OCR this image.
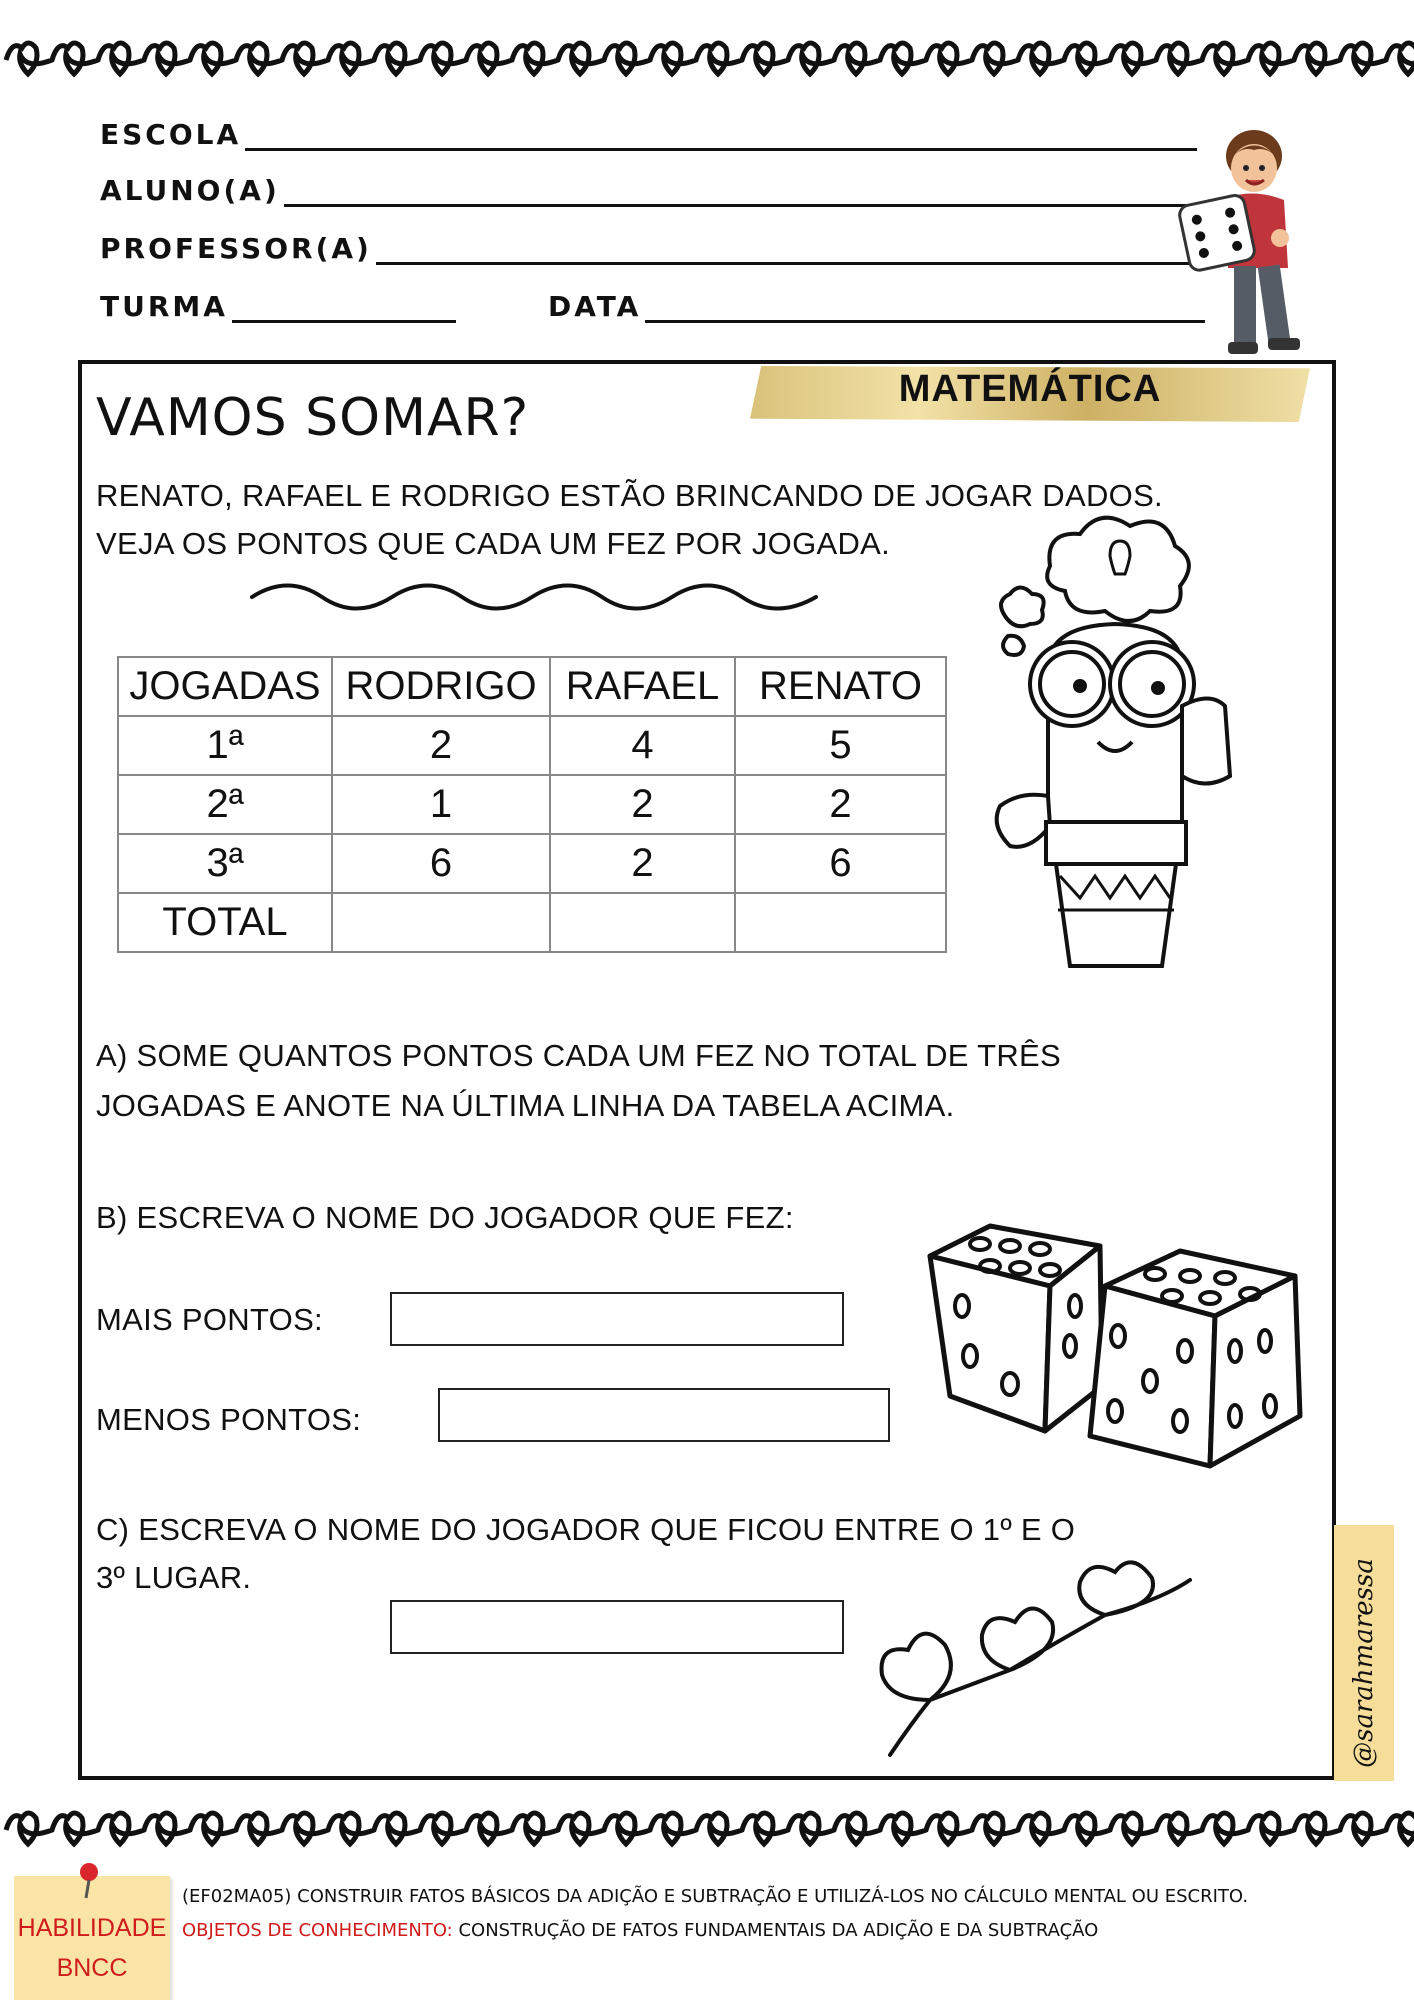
ESCOLA
ALUNO(A)
PROFESSOR(A)
TURMA	DATA
MATEMÁTICA
VAMOS SOMAR?
RENATO, RAFAEL E RODRIGO ESTÃO BRINCANDO DE JOGAR DADOS.
VEJA OS PONTOS QUE CADA UM FEZ POR JOGADA.
JOGADAS	RODRIGO	RAFAEL	RENATO
1ª	2	4	5
2ª	1	2	2
3ª	6	2	6
TOTAL			
A) SOME QUANTOS PONTOS CADA UM FEZ NO TOTAL DE TRÊS
JOGADAS E ANOTE NA ÚLTIMA LINHA DA TABELA ACIMA.
B) ESCREVA O NOME DO JOGADOR QUE FEZ:
MAIS PONTOS:
MENOS PONTOS:
C) ESCREVA O NOME DO JOGADOR QUE FICOU ENTRE O 1º E O
3º LUGAR.	@sarahmaressa
HABILIDADE
BNCC
(EF02MA05) CONSTRUIR FATOS BÁSICOS DA ADIÇÃO E SUBTRAÇÃO E UTILIZÁ-LOS NO CÁLCULO MENTAL OU ESCRITO.
OBJETOS DE CONHECIMENTO: CONSTRUÇÃO DE FATOS FUNDAMENTAIS DA ADIÇÃO E DA SUBTRAÇÃO
